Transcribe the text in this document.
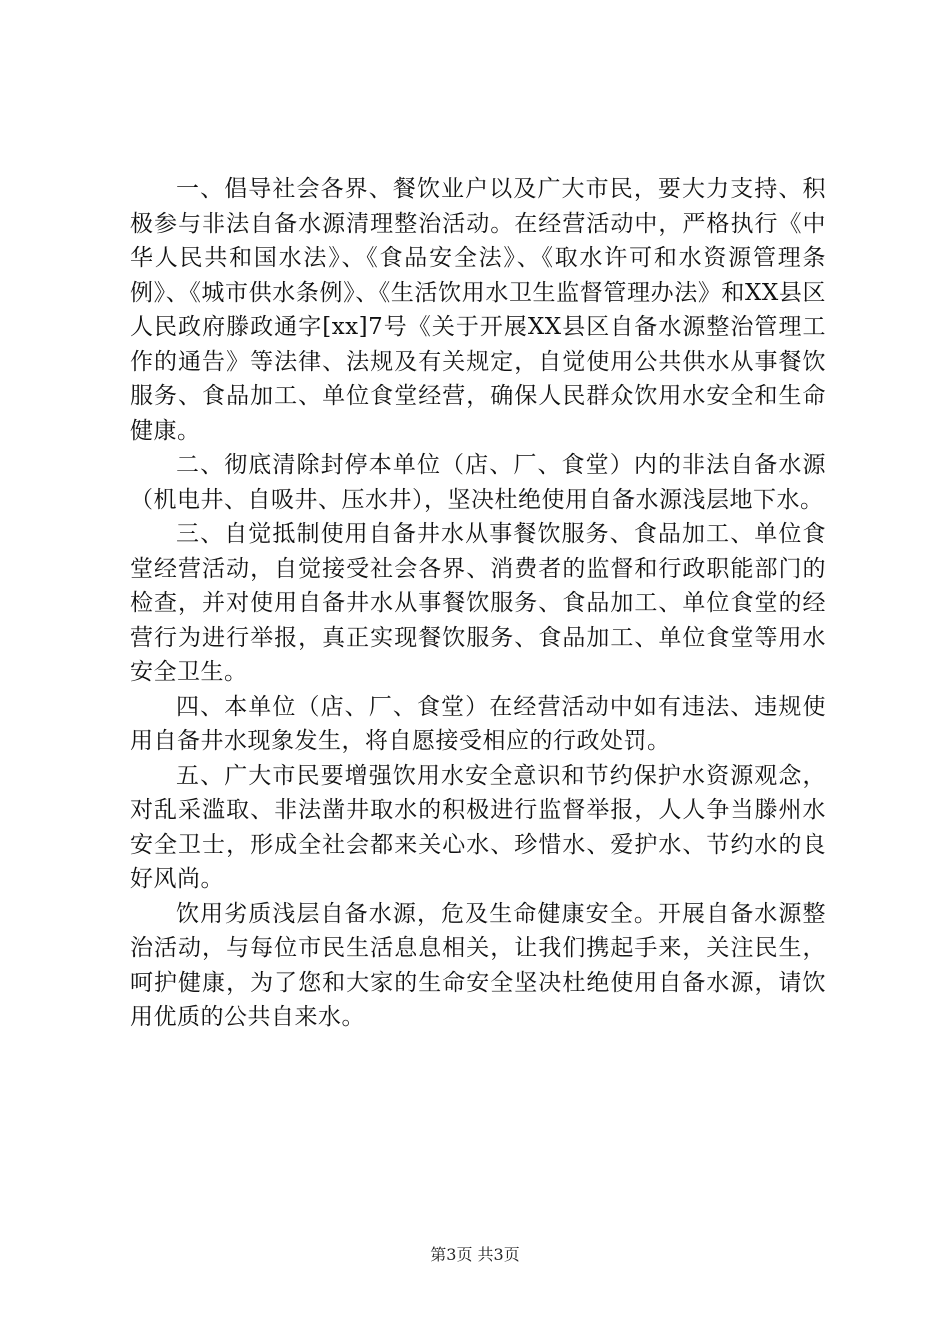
一、倡导社会各界、餐饮业户以及广大市民，要大力支持、积极参与非法自备水源清理整治活动。在经营活动中，严格执行《中华人民共和国水法》、《食品安全法》、《取水许可和水资源管理条例》、《城市供水条例》、《生活饮用水卫生监督管理办法》和XX县区人民政府滕政通字[xx]7号《关于开展XX县区自备水源整治管理工作的通告》等法律、法规及有关规定，自觉使用公共供水从事餐饮服务、食品加工、单位食堂经营，确保人民群众饮用水安全和生命健康。

二、彻底清除封停本单位（店、厂、食堂）内的非法自备水源（机电井、自吸井、压水井），坚决杜绝使用自备水源浅层地下水。

三、自觉抵制使用自备井水从事餐饮服务、食品加工、单位食堂经营活动，自觉接受社会各界、消费者的监督和行政职能部门的检查，并对使用自备井水从事餐饮服务、食品加工、单位食堂的经营行为进行举报，真正实现餐饮服务、食品加工、单位食堂等用水安全卫生。

四、本单位（店、厂、食堂）在经营活动中如有违法、违规使用自备井水现象发生，将自愿接受相应的行政处罚。

五、广大市民要增强饮用水安全意识和节约保护水资源观念，对乱采滥取、非法凿井取水的积极进行监督举报，人人争当滕州水安全卫士，形成全社会都来关心水、珍惜水、爱护水、节约水的良好风尚。

饮用劣质浅层自备水源，危及生命健康安全。开展自备水源整治活动，与每位市民生活息息相关，让我们携起手来，关注民生，呵护健康，为了您和大家的生命安全坚决杜绝使用自备水源，请饮用优质的公共自来水。

第3页 共3页
